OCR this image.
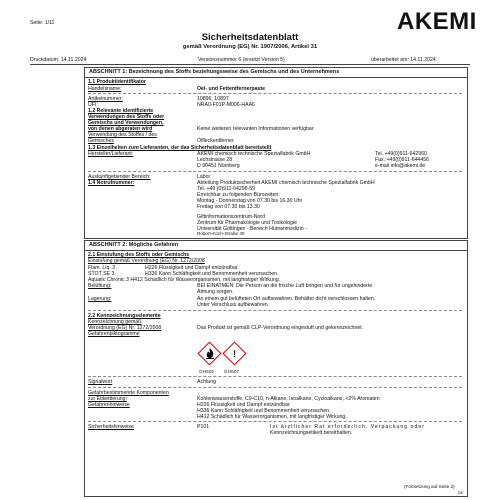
Seite: 1/11	AKEMI
Sicherheitsdatenblatt
gemäß Verordnung (EG) Nr. 1907/2006, Artikel 31
Druckdatum: 14.11.2024	Versionsnummer 6 (ersetzt Version 5)	überarbeitet am: 14.11.2024
ABSCHNITT 1: Bezeichnung des Stoffs beziehungsweise des Gemischs und des Unternehmens
1.1 Produktidentifikator
Handelsname:	Oel- und Fettentfernerpaste
Artikelnummer:	10896, 10897
UFI:	NRA0-F01P-M006-HAA6
1.2 Relevante identifizierte
Verwendungen des Stoffs oder
Gemischs und Verwendungen,
von denen abgeraten wird	Keine weiteren relevanten Informationen verfügbar.
Verwendung des Stoffes / des
Gemisches	Ölfleckentferner
1.3 Einzelheiten zum Lieferanten, der das Sicherheitsdatenblatt bereitstellt
Hersteller/Lieferant:	AKEMI chemisch technische Spezialfabrik GmbH
Lechstrasse 28
D 90451 Nürnberg
Tel. +49(0)911-642960
Fax. +49(0)911-644456
e-mail info@akemi.de
Auskunftgebender Bereich:	Labor
1.4 Notrufnummer:	Abteilung Produktsicherheit AKEMI chemisch technische Spezialfabrik GmbH
Tel. +49 (0)911-64296-59
Erreichbar zu folgenden Bürozeiten:
Montag - Donnerstag von 07.30 bis 16.30 Uhr
Freitag von 07.30 bis 13.30
Giftinformationszentrum-Nord
Zentrum für Pharmakologie und Toxikologie
Universität Göttingen - Bereich Humanmedizin -
ABSCHNITT 2: Mögliche Gefahren
Robert-Koch-Straße 40
2.1 Einstufung des Stoffs oder Gemischs
Einstufung gemäß Verordnung (EG) Nr. 1272/2008
Flam. Liq. 3	H226 Flüssigkeit und Dampf entzündbar.
STOT SE 3	H336 Kann Schläfrigkeit und Benommenheit verursachen.
Aquatic Chronic 3 H412 Schädlich für Wasserorganismen, mit langfristiger Wirkung.
Belüftung:	BEI EINATMEN: Die Person an die frische Luft bringen und für ungehinderte
Atmung sorgen.
Lagerung:	An einem gut belüfteten Ort aufbewahren. Behälter dicht verschlossen halten.
Unter Verschluss aufbewahren.
2.2 Kennzeichnungselemente
Kennzeichnung gemäß
Verordnung (EG) Nr. 1272/2008	Das Produkt ist gemäß CLP-Verordnung eingestuft und gekennzeichnet.
Gefahrenpiktogramme
!
GHS02 GHS07
Signalwort	Achtung
Gefahrbestimmende Komponenten
zur Etikettierung:	Kohlenwasserstoffe, C9-C10, n-Alkane, Isoalkane, Cycloalkane, <2% Aromaten
Gefahrenhinweise	H226 Flüssigkeit und Dampf entzündbar.
H336 Kann Schläfrigkeit und Benommenheit verursachen.
H412 Schädlich für Wasserorganismen, mit langfristiger Wirkung.
Sicherheitshinweise	P101	Ist ärztlicher Rat erforderlich, Verpackung oder
Kennzeichnungsetikett bereithalten.
(Fortsetzung auf Seite 2)
DE
